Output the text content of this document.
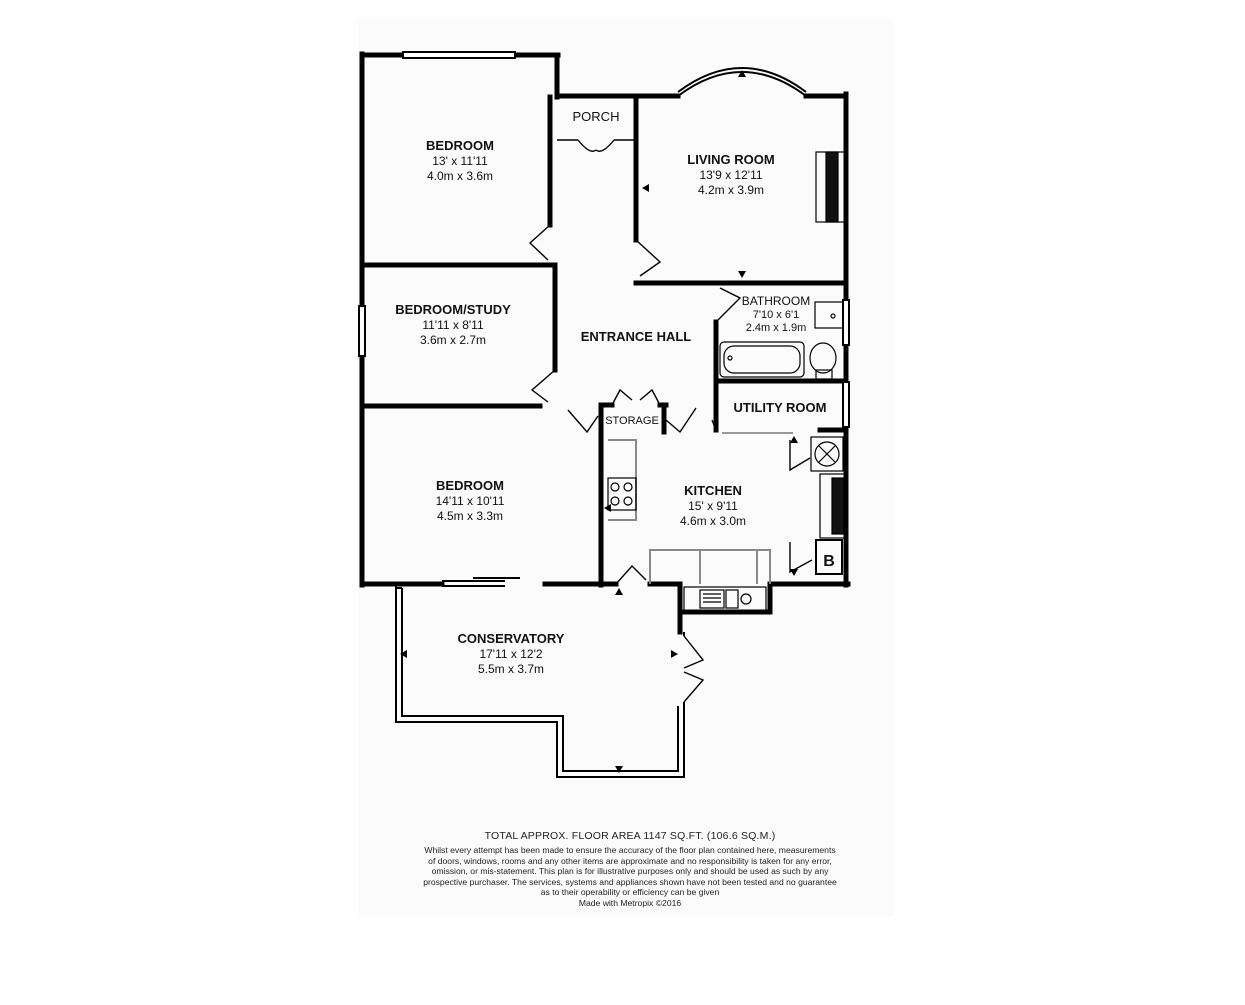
B
BEDROOM
13' x 11'11
4.0m x 3.6m
PORCH
LIVING ROOM
13'9 x 12'11
4.2m x 3.9m
BEDROOM/STUDY
11'11 x 8'11
3.6m x 2.7m	ENTRANCE HALL
BATHROOM
7'10 x 6'1
2.4m x 1.9m
STORAGE
UTILITY ROOM
BEDROOM
14'11 x 10'11
4.5m x 3.3m
KITCHEN
15' x 9'11
4.6m x 3.0m
CONSERVATORY
17'11 x 12'2
5.5m x 3.7m
TOTAL APPROX. FLOOR AREA 1147 SQ.FT. (106.6 SQ.M.)
Whilst every attempt has been made to ensure the accuracy of the floor plan contained here, measurements
of doors, windows, rooms and any other items are approximate and no responsibility is taken for any error,
omission, or mis-statement. This plan is for illustrative purposes only and should be used as such by any
prospective purchaser. The services, systems and appliances shown have not been tested and no guarantee
as to their operability or efficiency can be given
Made with Metropix ©2016
